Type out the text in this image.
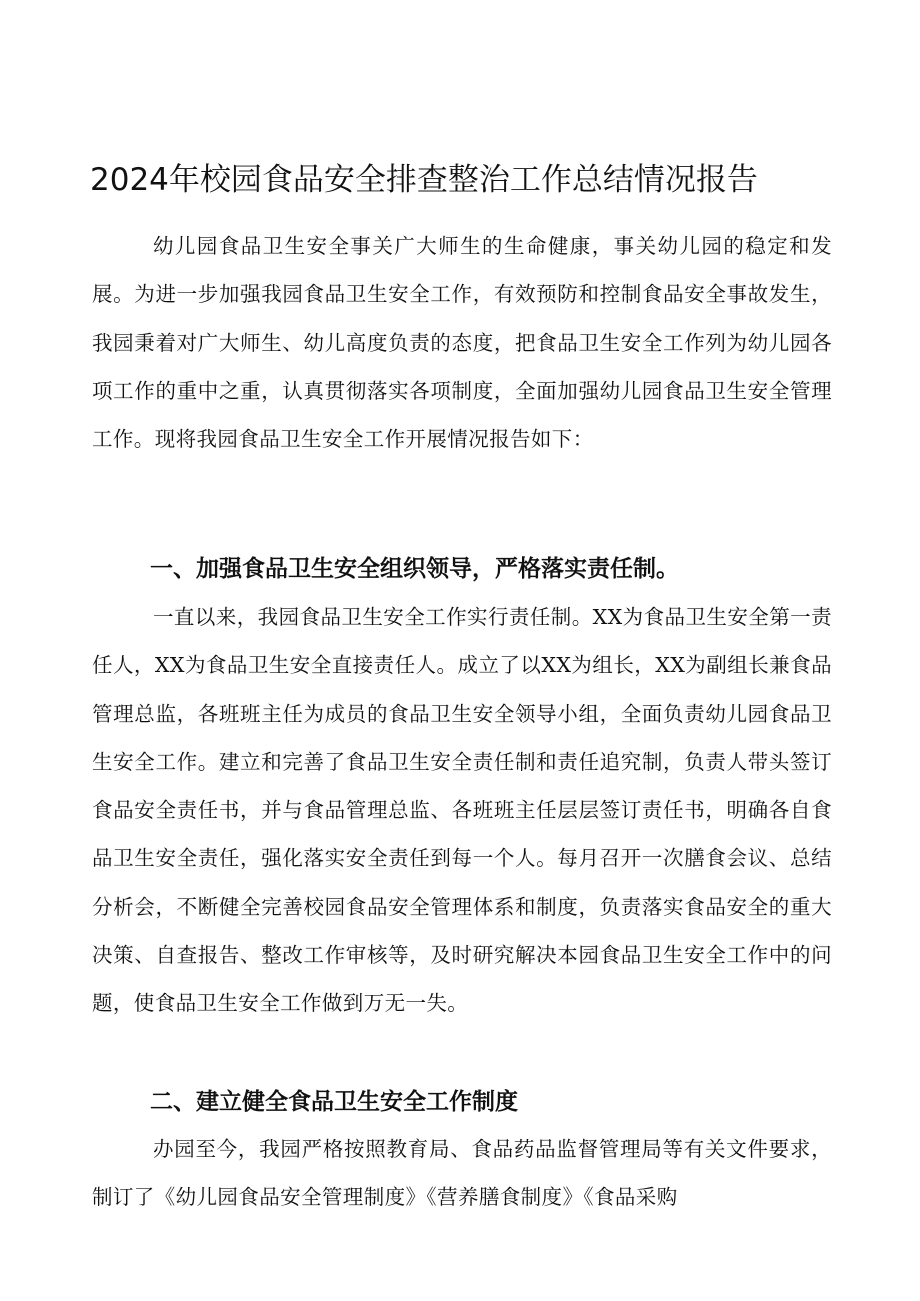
2024年校园食品安全排查整治工作总结情况报告

幼儿园食品卫生安全事关广大师生的生命健康，事关幼儿园的稳定和发展。为进一步加强我园食品卫生安全工作，有效预防和控制食品安全事故发生，我园秉着对广大师生、幼儿高度负责的态度，把食品卫生安全工作列为幼儿园各项工作的重中之重，认真贯彻落实各项制度，全面加强幼儿园食品卫生安全管理工作。现将我园食品卫生安全工作开展情况报告如下：

一、加强食品卫生安全组织领导，严格落实责任制。

一直以来，我园食品卫生安全工作实行责任制。XX为食品卫生安全第一责任人，XX为食品卫生安全直接责任人。成立了以XX为组长，XX为副组长兼食品管理总监，各班班主任为成员的食品卫生安全领导小组，全面负责幼儿园食品卫生安全工作。建立和完善了食品卫生安全责任制和责任追究制，负责人带头签订食品安全责任书，并与食品管理总监、各班班主任层层签订责任书，明确各自食品卫生安全责任，强化落实安全责任到每一个人。每月召开一次膳食会议、总结分析会，不断健全完善校园食品安全管理体系和制度，负责落实食品安全的重大决策、自查报告、整改工作审核等，及时研究解决本园食品卫生安全工作中的问题，使食品卫生安全工作做到万无一失。

二、建立健全食品卫生安全工作制度

办园至今，我园严格按照教育局、食品药品监督管理局等有关文件要求，制订了《幼儿园食品安全管理制度》《营养膳食制度》《食品采购
